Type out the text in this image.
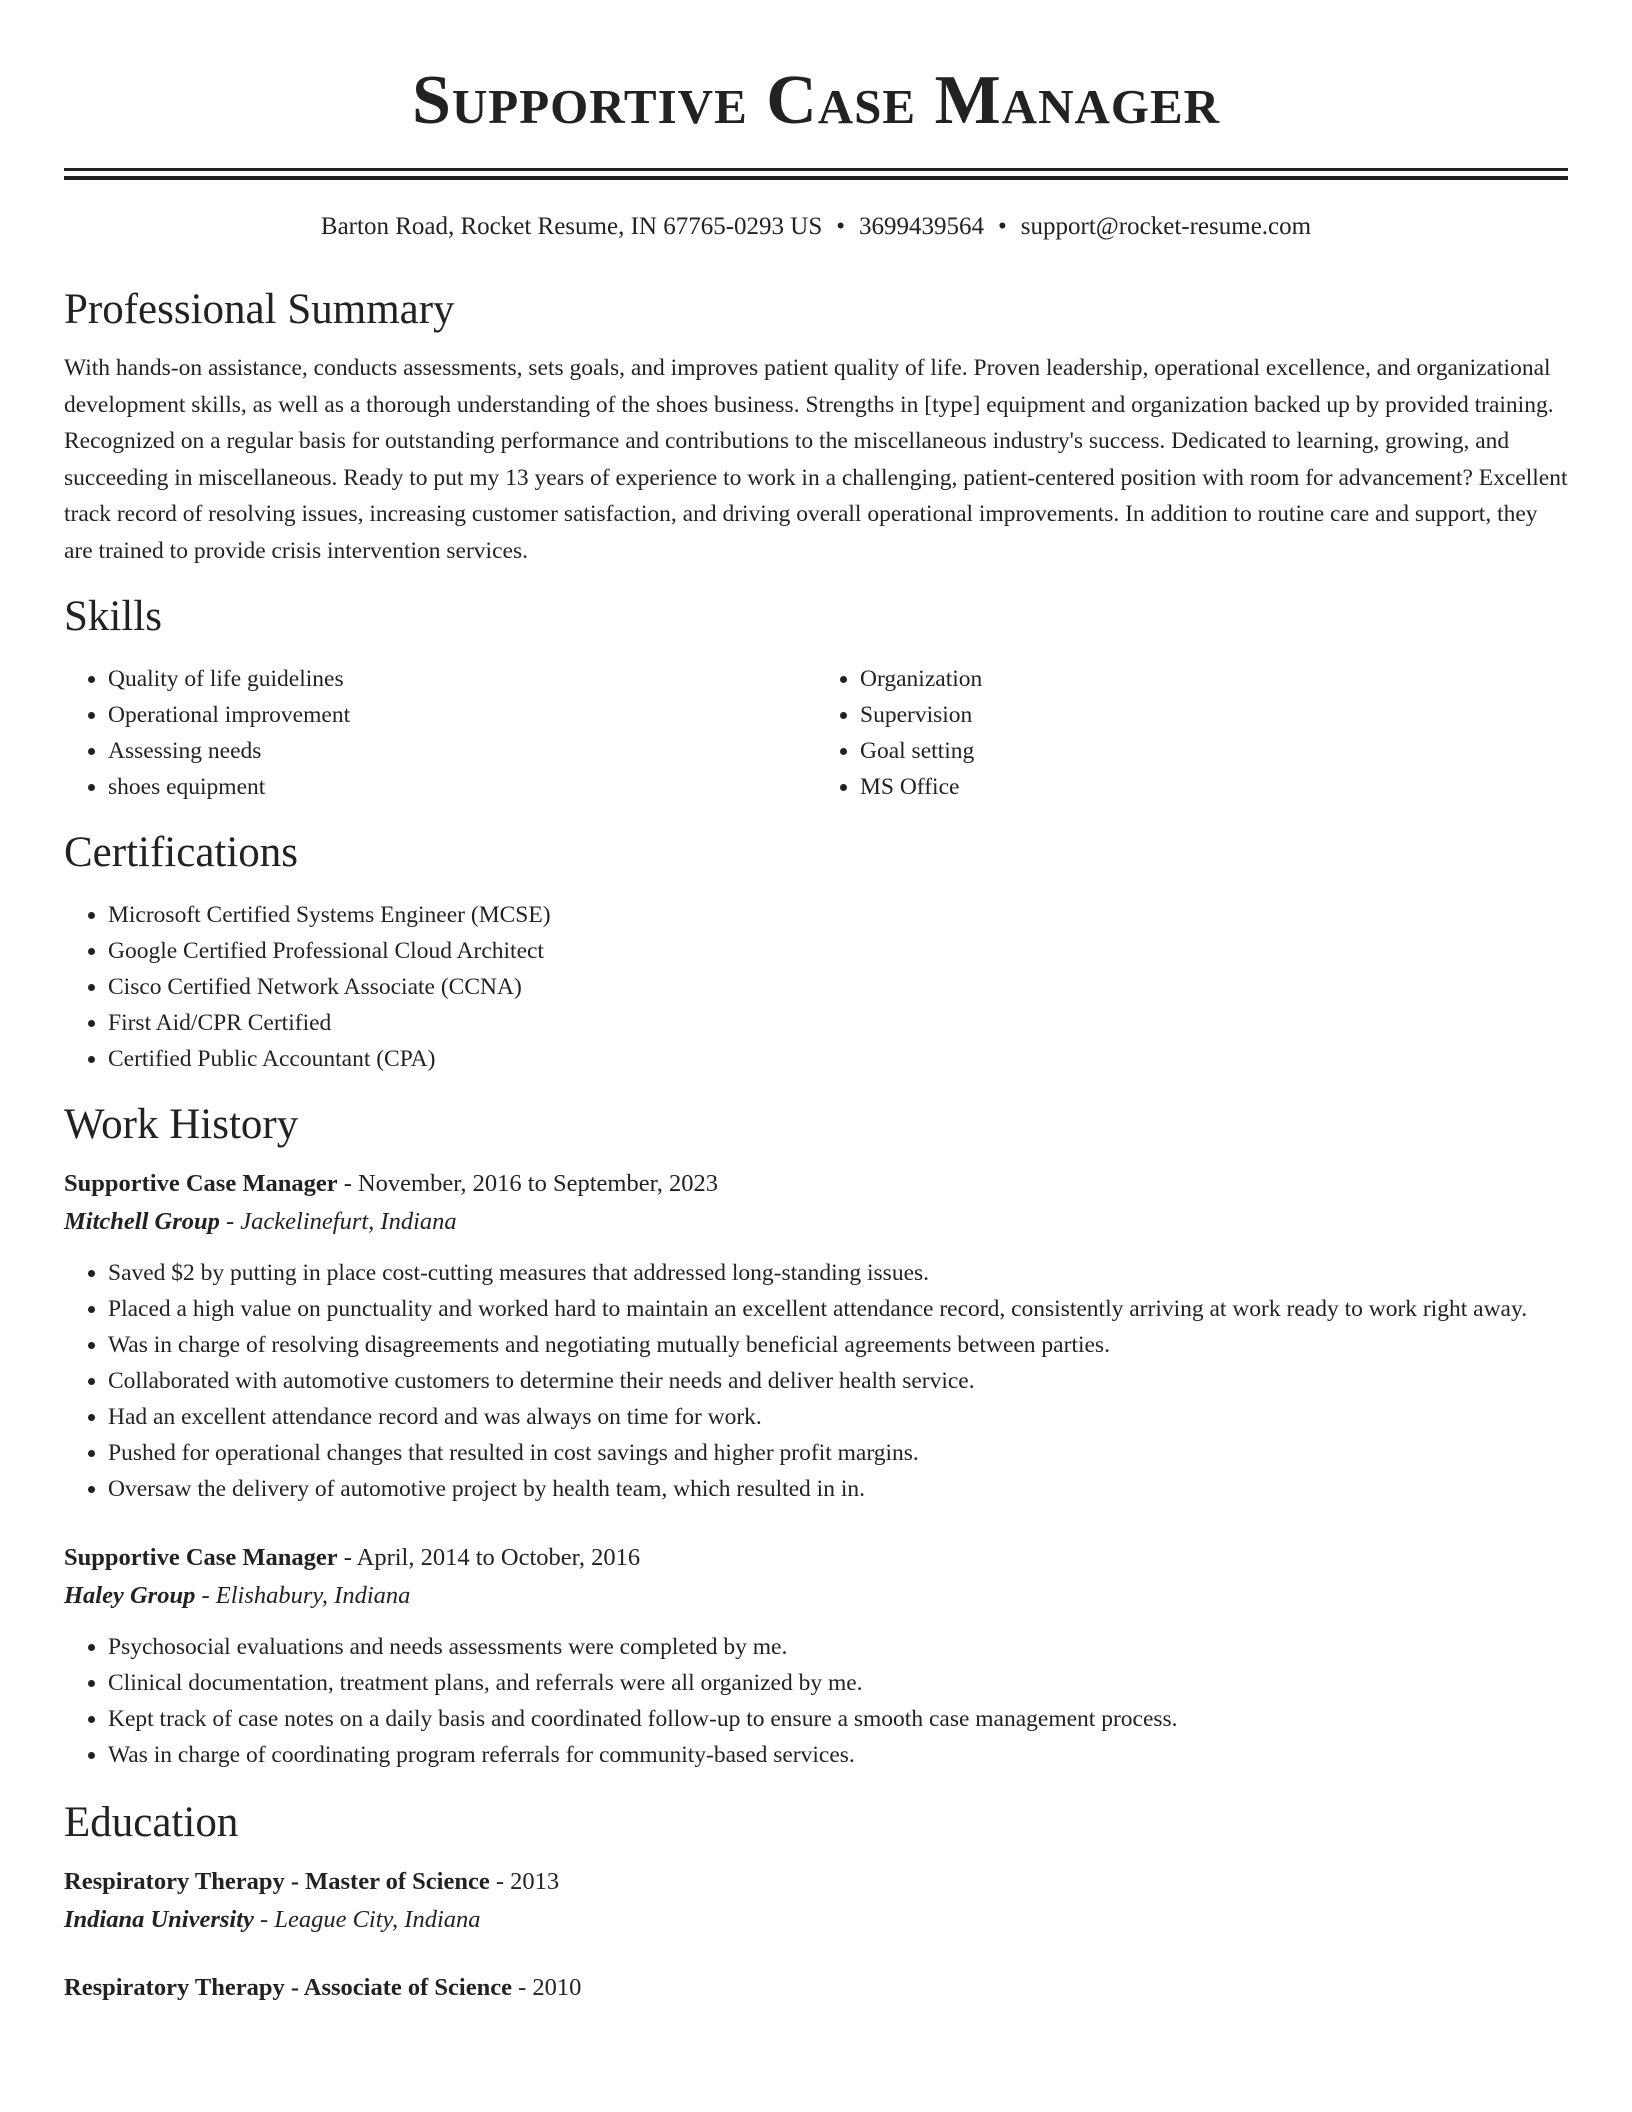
Supportive Case Manager
Barton Road, Rocket Resume, IN 67765-0293 US • 3699439564 • support@rocket-resume.com
Professional Summary

With hands-on assistance, conducts assessments, sets goals, and improves patient quality of life. Proven leadership, operational excellence, and organizational development skills, as well as a thorough understanding of the shoes business. Strengths in [type] equipment and organization backed up by provided training. Recognized on a regular basis for outstanding performance and contributions to the miscellaneous industry's success. Dedicated to learning, growing, and succeeding in miscellaneous. Ready to put my 13 years of experience to work in a challenging, patient-centered position with room for advancement? Excellent track record of resolving issues, increasing customer satisfaction, and driving overall operational improvements. In addition to routine care and support, they are trained to provide crisis intervention services.

Skills
• Quality of life guidelines
• Operational improvement
• Assessing needs
• shoes equipment
• Organization
• Supervision
• Goal setting
• MS Office
Certifications
• Microsoft Certified Systems Engineer (MCSE)
• Google Certified Professional Cloud Architect
• Cisco Certified Network Associate (CCNA)
• First Aid/CPR Certified
• Certified Public Accountant (CPA)
Work History
Supportive Case Manager - November, 2016 to September, 2023
Mitchell Group - Jackelinefurt, Indiana
• Saved $2 by putting in place cost-cutting measures that addressed long-standing issues.
• Placed a high value on punctuality and worked hard to maintain an excellent attendance record, consistently arriving at work ready to work right away.
• Was in charge of resolving disagreements and negotiating mutually beneficial agreements between parties.
• Collaborated with automotive customers to determine their needs and deliver health service.
• Had an excellent attendance record and was always on time for work.
• Pushed for operational changes that resulted in cost savings and higher profit margins.
• Oversaw the delivery of automotive project by health team, which resulted in in.
Supportive Case Manager - April, 2014 to October, 2016
Haley Group - Elishabury, Indiana
• Psychosocial evaluations and needs assessments were completed by me.
• Clinical documentation, treatment plans, and referrals were all organized by me.
• Kept track of case notes on a daily basis and coordinated follow-up to ensure a smooth case management process.
• Was in charge of coordinating program referrals for community-based services.
Education
Respiratory Therapy - Master of Science - 2013
Indiana University - League City, Indiana
Respiratory Therapy - Associate of Science - 2010
